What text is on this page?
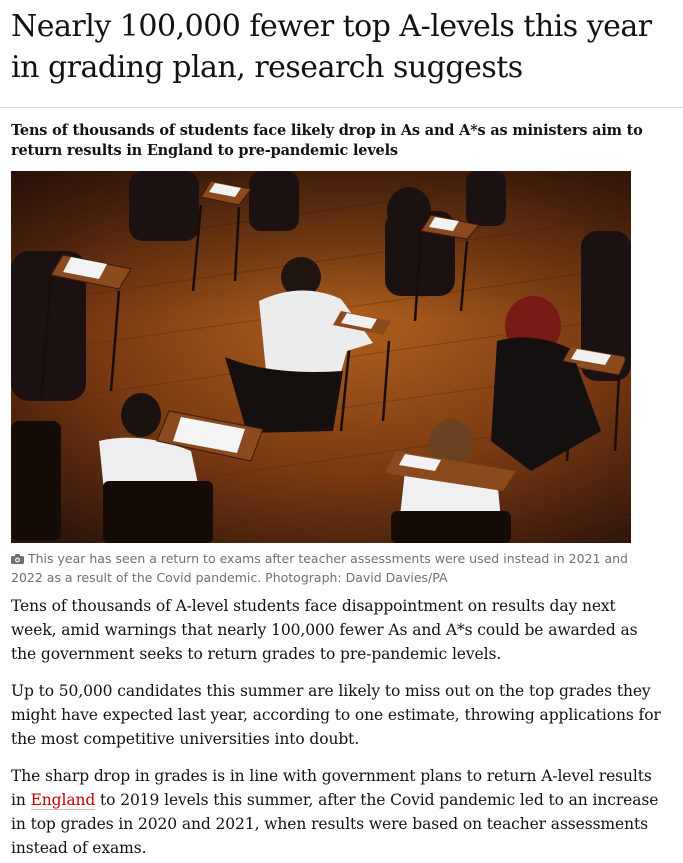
Nearly 100,000 fewer top A-levels this year in grading plan, research suggests

Tens of thousands of students face likely drop in As and A*s as ministers aim to return results in England to pre-pandemic levels

This year has seen a return to exams after teacher assessments were used instead in 2021 and 2022 as a result of the Covid pandemic. Photograph: David Davies/PA

Tens of thousands of A-level students face disappointment on results day next week, amid warnings that nearly 100,000 fewer As and A*s could be awarded as the government seeks to return grades to pre-pandemic levels.

Up to 50,000 candidates this summer are likely to miss out on the top grades they might have expected last year, according to one estimate, throwing applications for the most competitive universities into doubt.

The sharp drop in grades is in line with government plans to return A-level results in England to 2019 levels this summer, after the Covid pandemic led to an increase in top grades in 2020 and 2021, when results were based on teacher assessments instead of exams.
